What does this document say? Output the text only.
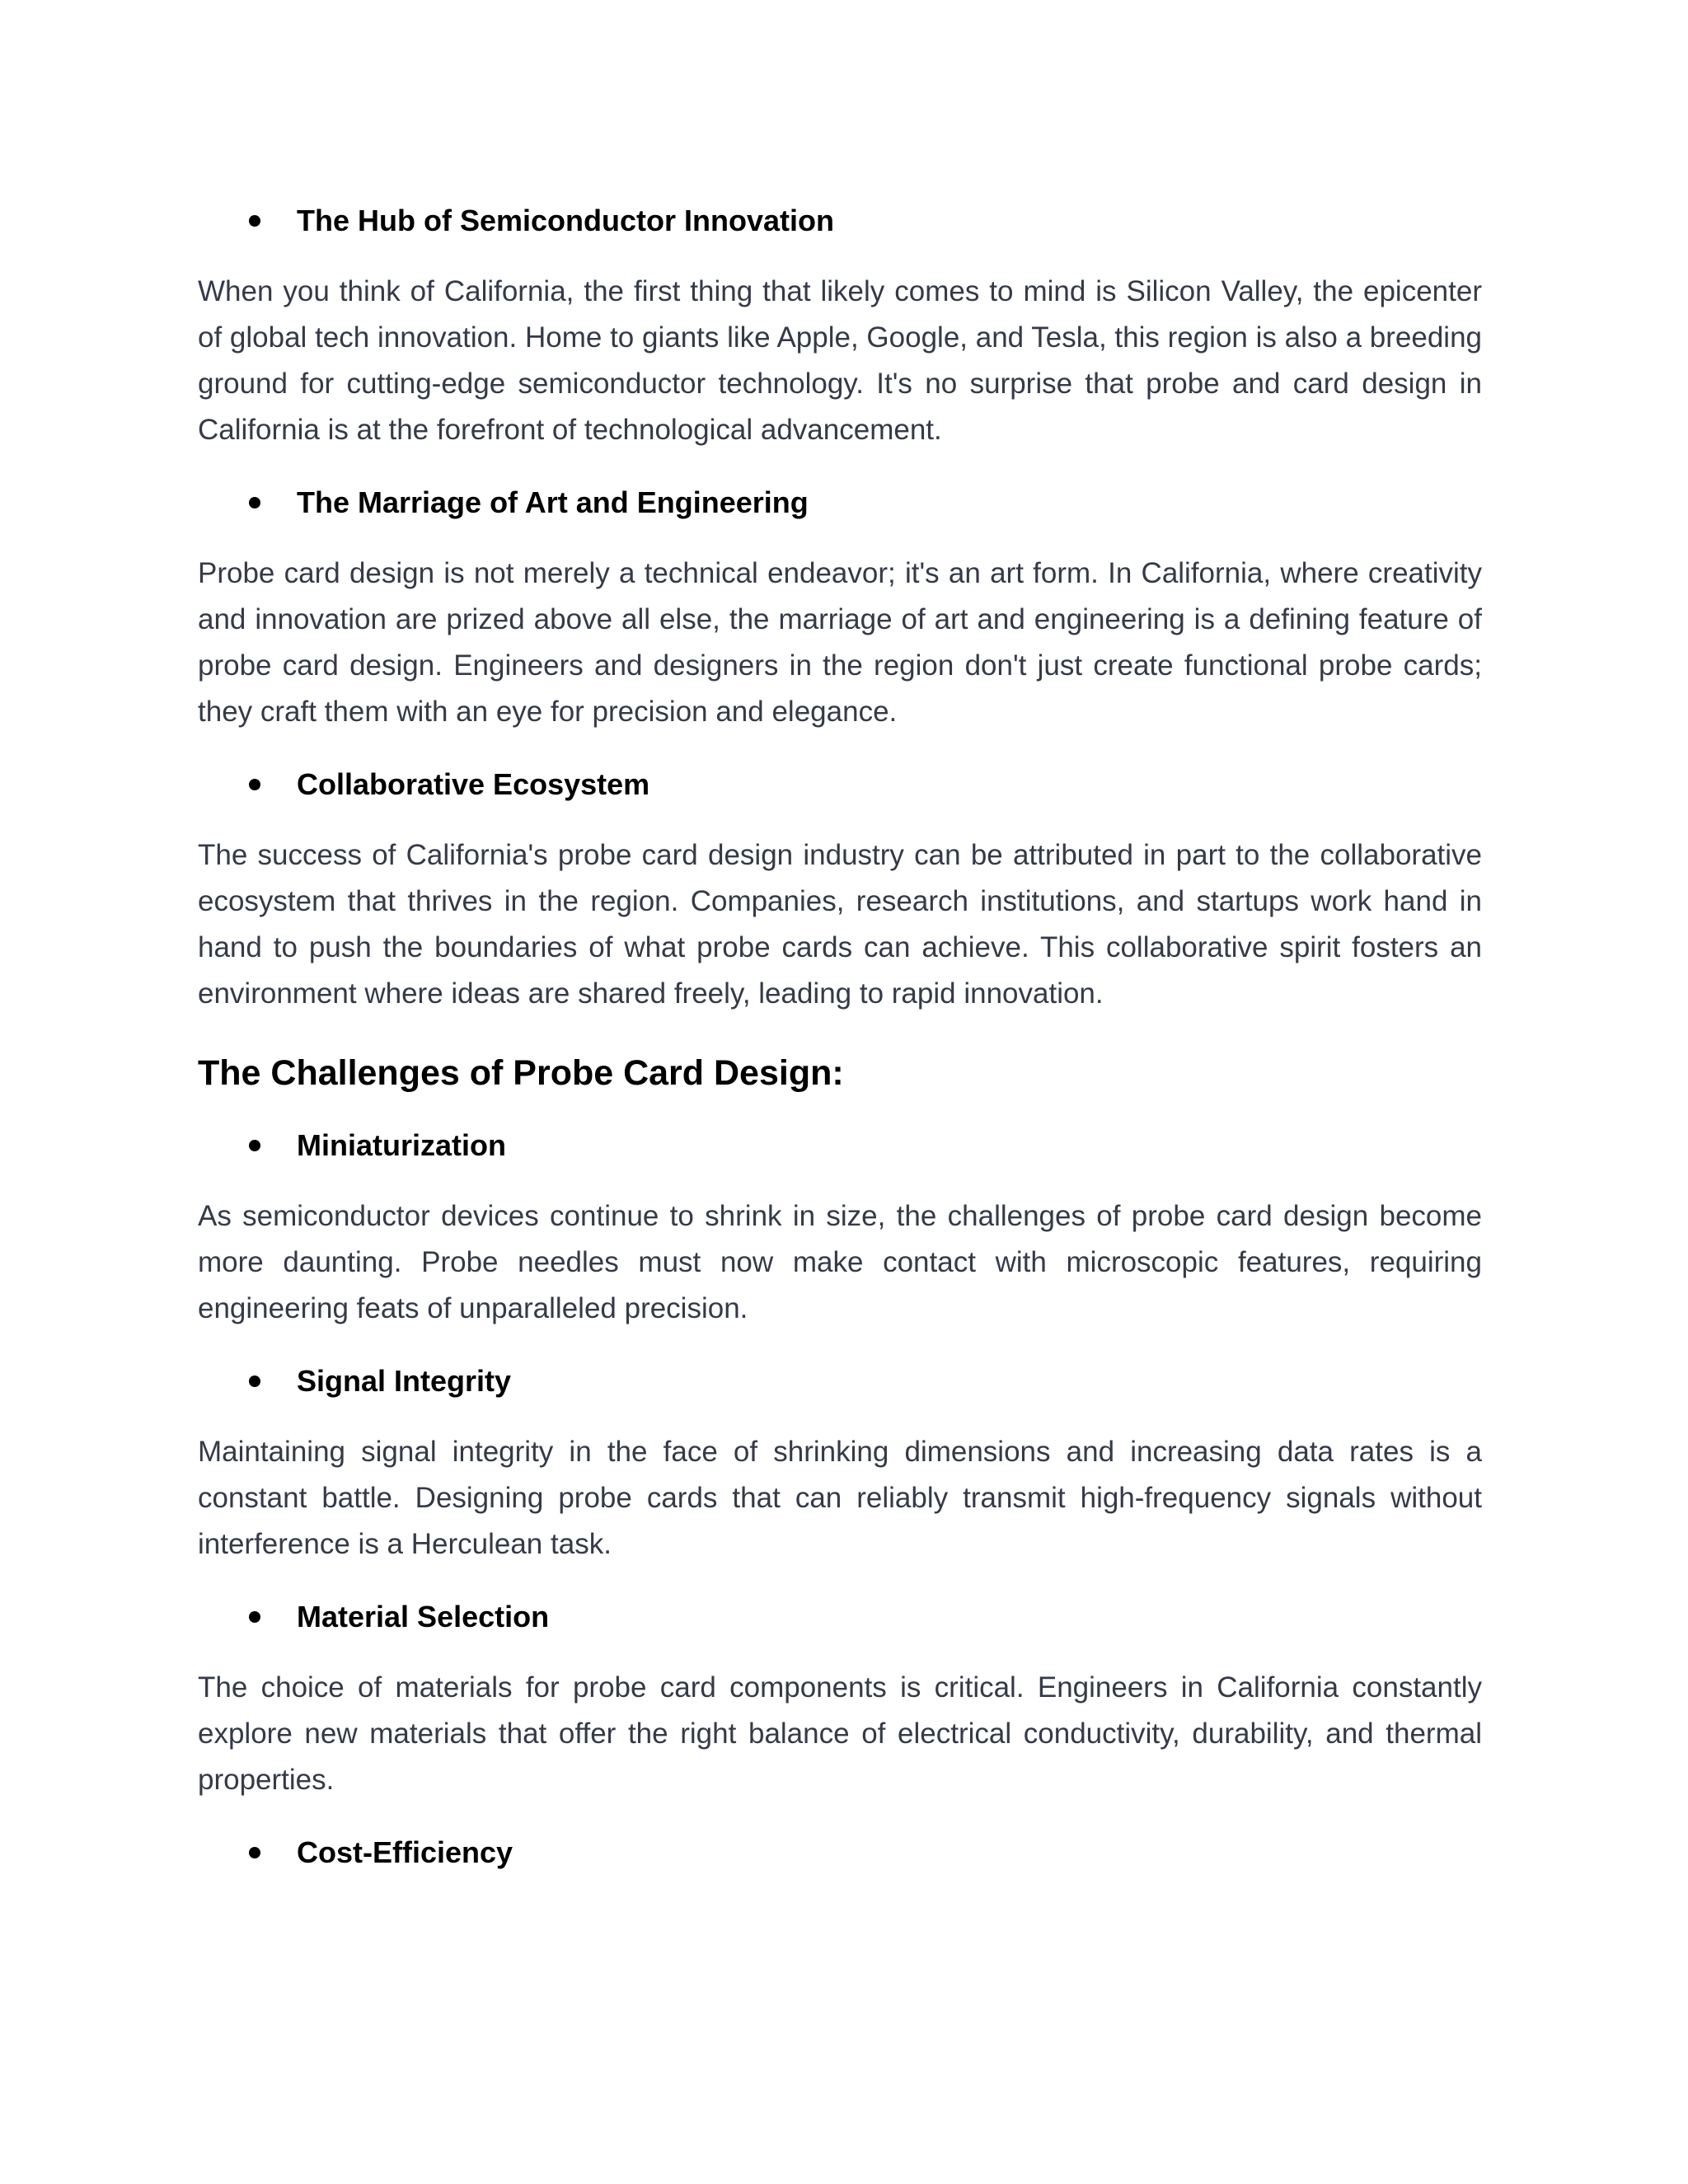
The Hub of Semiconductor Innovation

When you think of California, the first thing that likely comes to mind is Silicon Valley, the epicenter of global tech innovation. Home to giants like Apple, Google, and Tesla, this region is also a breeding ground for cutting-edge semiconductor technology. It's no surprise that probe and card design in California is at the forefront of technological advancement.

The Marriage of Art and Engineering

Probe card design is not merely a technical endeavor; it's an art form. In California, where creativity and innovation are prized above all else, the marriage of art and engineering is a defining feature of probe card design. Engineers and designers in the region don't just create functional probe cards; they craft them with an eye for precision and elegance.

Collaborative Ecosystem

The success of California's probe card design industry can be attributed in part to the collaborative ecosystem that thrives in the region. Companies, research institutions, and startups work hand in hand to push the boundaries of what probe cards can achieve. This collaborative spirit fosters an environment where ideas are shared freely, leading to rapid innovation.

The Challenges of Probe Card Design:
Miniaturization

As semiconductor devices continue to shrink in size, the challenges of probe card design become more daunting. Probe needles must now make contact with microscopic features, requiring engineering feats of unparalleled precision.

Signal Integrity

Maintaining signal integrity in the face of shrinking dimensions and increasing data rates is a constant battle. Designing probe cards that can reliably transmit high-frequency signals without interference is a Herculean task.

Material Selection

The choice of materials for probe card components is critical. Engineers in California constantly explore new materials that offer the right balance of electrical conductivity, durability, and thermal properties.

Cost-Efficiency
